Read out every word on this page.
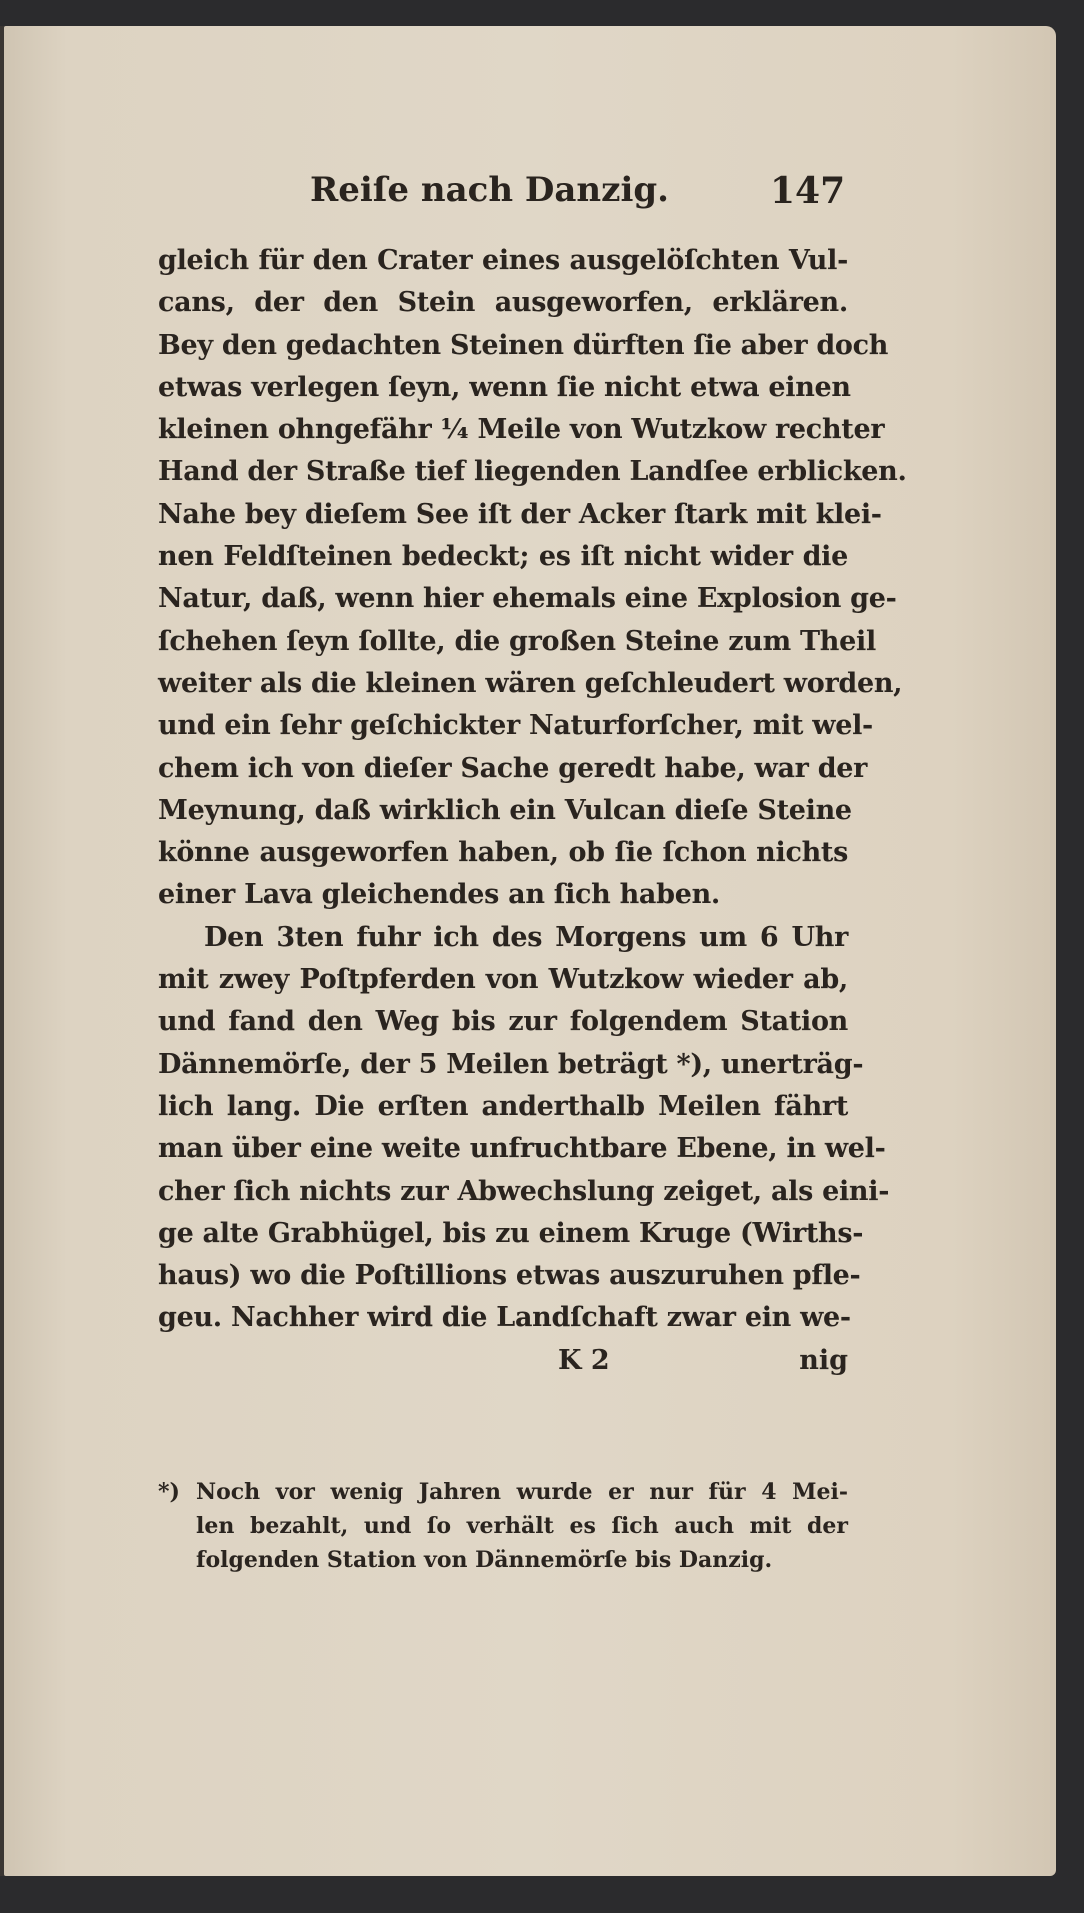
Reiſe nach Danzig.	147
gleich für den Crater eines ausgelöſchten Vul-
cans, der den Stein ausgeworfen, erklären.
Bey den gedachten Steinen dürften ſie aber doch
etwas verlegen ſeyn, wenn ſie nicht etwa einen
kleinen ohngefähr ¼ Meile von Wutzkow rechter
Hand der Straße tief liegenden Landſee erblicken.
Nahe bey dieſem See iſt der Acker ſtark mit klei-
nen Feldſteinen bedeckt; es iſt nicht wider die
Natur, daß, wenn hier ehemals eine Explosion ge-
ſchehen ſeyn ſollte, die großen Steine zum Theil
weiter als die kleinen wären geſchleudert worden,
und ein ſehr geſchickter Naturforſcher, mit wel-
chem ich von dieſer Sache geredt habe, war der
Meynung, daß wirklich ein Vulcan dieſe Steine
könne ausgeworfen haben, ob ſie ſchon nichts
einer Lava gleichendes an ſich haben.
Den 3ten fuhr ich des Morgens um 6 Uhr
mit zwey Poſtpferden von Wutzkow wieder ab,
und fand den Weg bis zur folgendem Station
Dännemörſe, der 5 Meilen beträgt *), unerträg-
lich lang. Die erſten anderthalb Meilen fährt
man über eine weite unfruchtbare Ebene, in wel-
cher ſich nichts zur Abwechslung zeiget, als eini-
ge alte Grabhügel, bis zu einem Kruge (Wirths-
haus) wo die Poſtillions etwas auszuruhen pfle-
geu. Nachher wird die Landſchaft zwar ein we-
K 2	nig
*) Noch vor wenig Jahren wurde er nur für 4 Mei-
len bezahlt, und ſo verhält es ſich auch mit der
folgenden Station von Dännemörſe bis Danzig.
